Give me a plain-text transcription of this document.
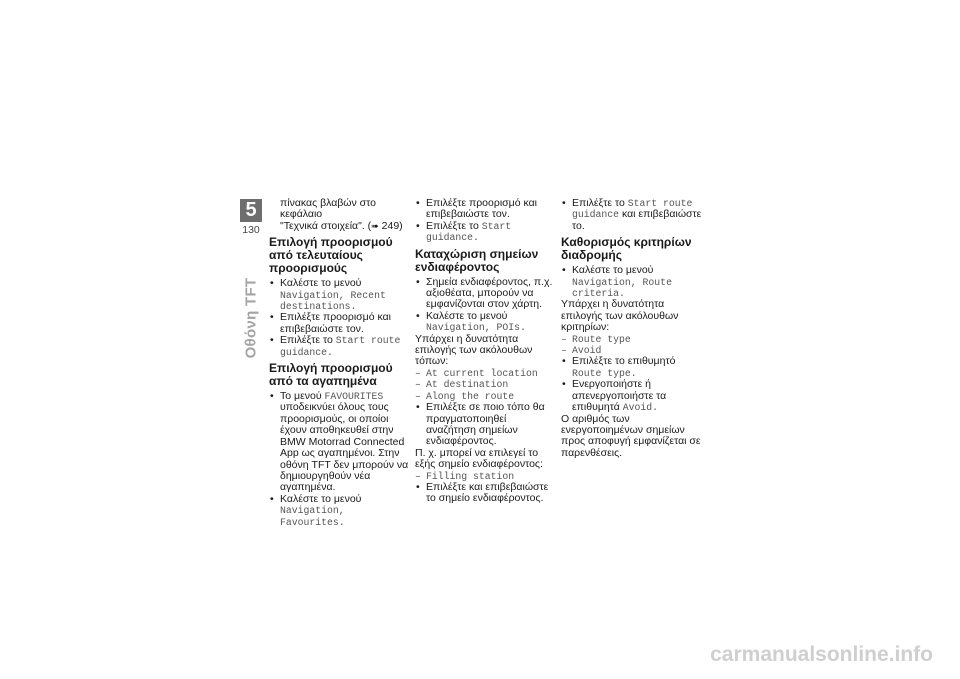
5
130
Οθόνη TFT

πίνακας βλαβών στο κεφάλαιο

"Τεχνικά στοιχεία". (➠ 249)

Επιλογή προορισμού από τελευταίους προορισμούς
• Καλέστε το μενού Navigation, Recent destinations.
• Επιλέξτε προορισμό και επιβεβαιώστε τον.
• Επιλέξτε το Start route guidance.
Επιλογή προορισμού από τα αγαπημένα
• Το μενού FAVOURITES υποδεικνύει όλους τους προορισμούς, οι οποίοι έχουν αποθηκευθεί στην BMW Motorrad Connected App ως αγαπημένοι. Στην οθόνη TFT δεν μπορούν να δημιουργηθούν νέα αγαπημένα.
• Καλέστε το μενού Navigation, Favourites.
• Επιλέξτε προορισμό και επιβεβαιώστε τον.
• Επιλέξτε το Start guidance.
Καταχώριση σημείων ενδιαφέροντος
• Σημεία ενδιαφέροντος, π.χ. αξιοθέατα, μπορούν να εμφανίζονται στον χάρτη.
• Καλέστε το μενού Navigation, POIs.

Υπάρχει η δυνατότητα επιλογής των ακόλουθων τόπων:

– At current location
– At destination
– Along the route
• Επιλέξτε σε ποιο τόπο θα πραγματοποιηθεί αναζήτηση σημείων ενδιαφέροντος.

Π. χ. μπορεί να επιλεγεί το εξής σημείο ενδιαφέροντος:

– Filling station
• Επιλέξτε και επιβεβαιώστε το σημείο ενδιαφέροντος.
• Επιλέξτε το Start route guidance και επιβεβαιώστε το.
Καθορισμός κριτηρίων διαδρομής
• Καλέστε το μενού Navigation, Route criteria.

Υπάρχει η δυνατότητα επιλογής των ακόλουθων κριτηρίων:

– Route type
– Avoid
• Επιλέξτε το επιθυμητό Route type.
• Ενεργοποιήστε ή απενεργοποιήστε τα επιθυμητά Avoid.

Ο αριθμός των ενεργοποιημένων σημείων προς αποφυγή εμφανίζεται σε παρενθέσεις.

carmanualsonline.info
